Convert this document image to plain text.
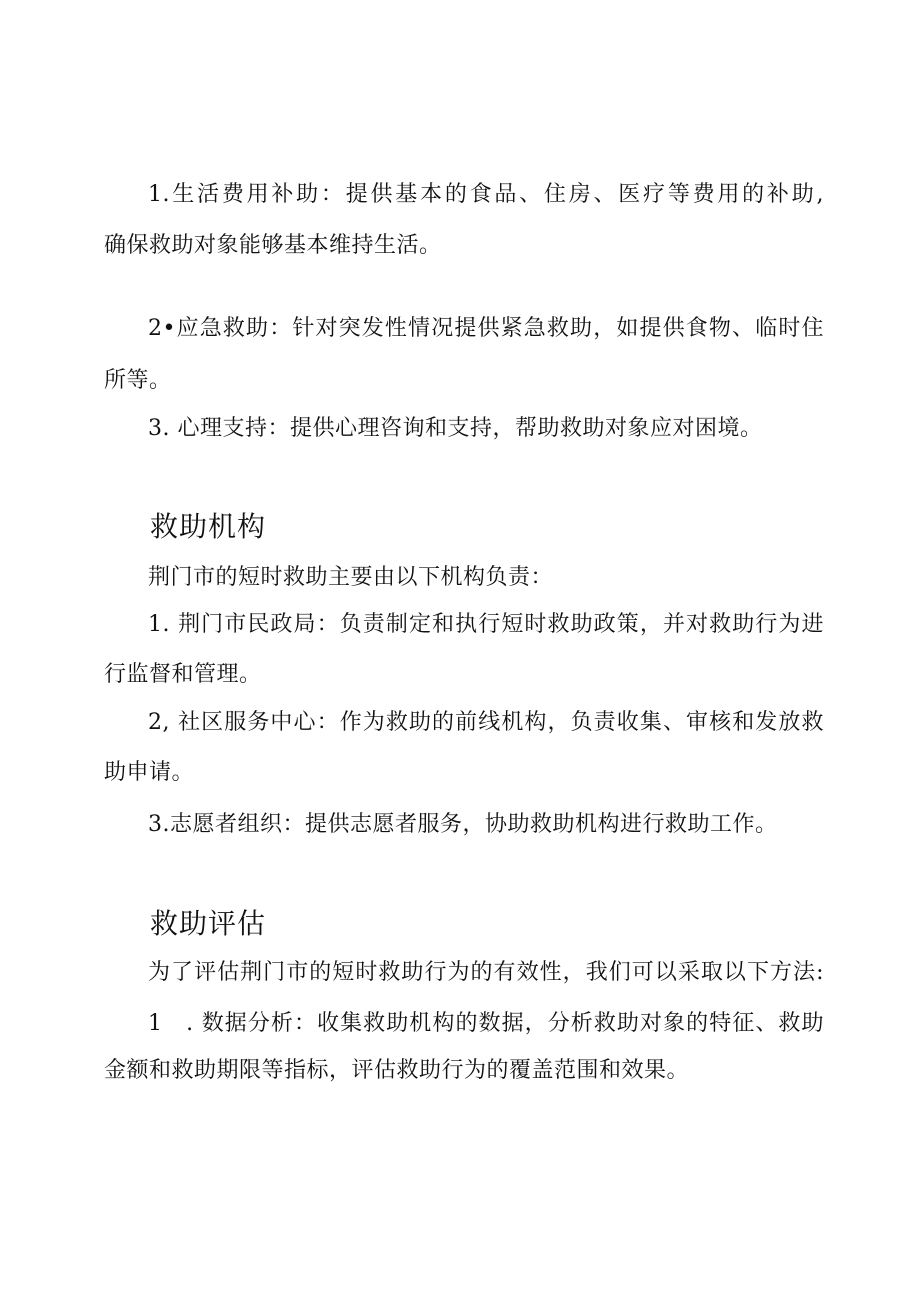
1.生活费用补助：提供基本的食品、住房、医疗等费用的补助,
确保救助对象能够基本维持生活。
2•应急救助：针对突发性情况提供紧急救助，如提供食物、临时住
所等。
3. 心理支持：提供心理咨询和支持，帮助救助对象应对困境。
救助机构
荆门市的短时救助主要由以下机构负责：
1. 荆门市民政局：负责制定和执行短时救助政策，并对救助行为进
行监督和管理。
2, 社区服务中心：作为救助的前线机构，负责收集、审核和发放救
助申请。
3.志愿者组织：提供志愿者服务，协助救助机构进行救助工作。
救助评估
为了评估荆门市的短时救助行为的有效性，我们可以采取以下方法:
1　. 数据分析：收集救助机构的数据，分析救助对象的特征、救助
金额和救助期限等指标，评估救助行为的覆盖范围和效果。
